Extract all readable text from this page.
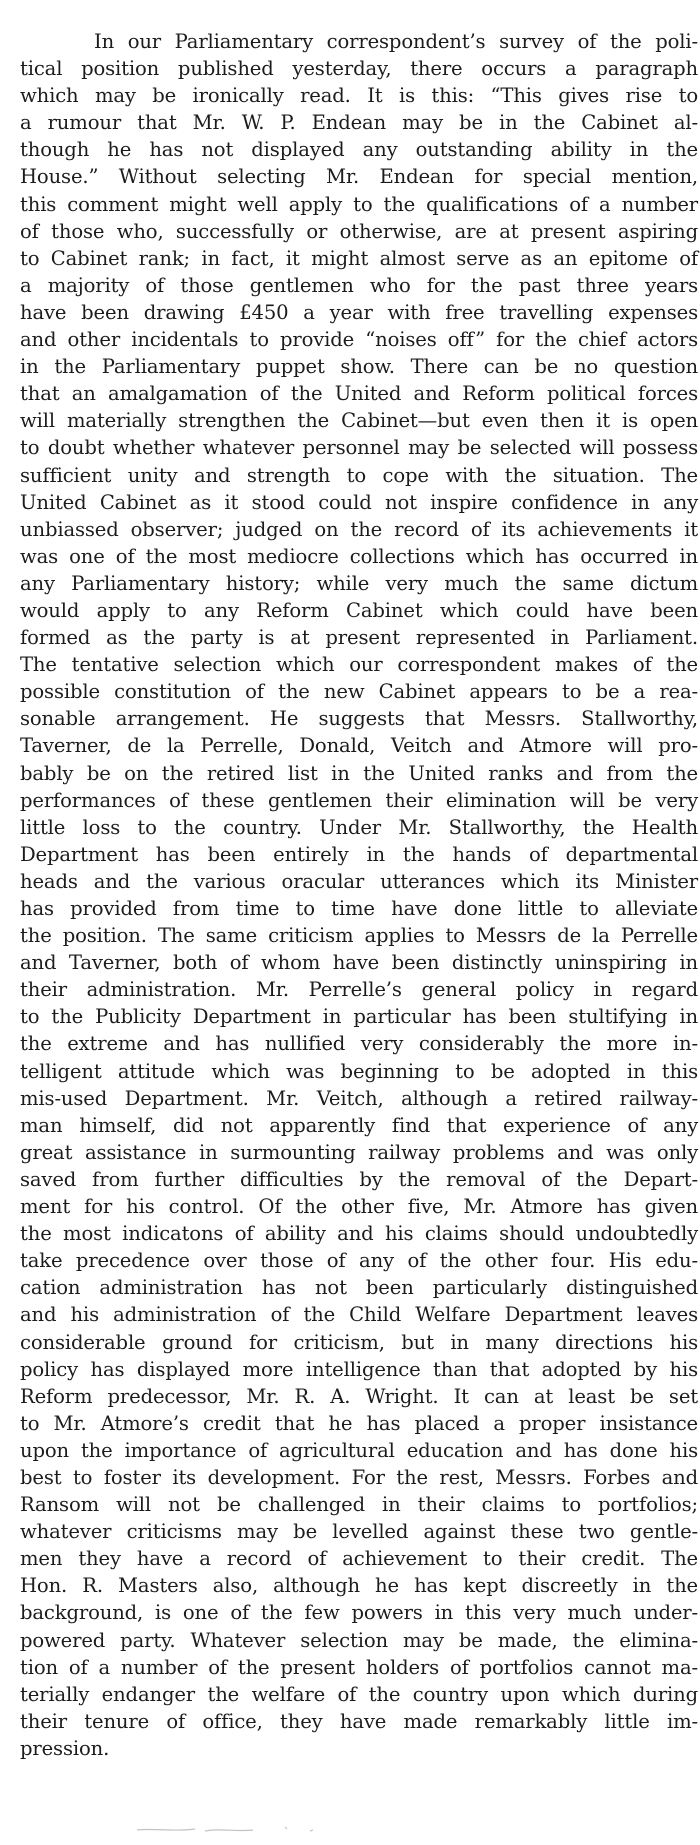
In our Parliamentary correspondent’s survey of the poli-
tical position published yesterday, there occurs a paragraph
which may be ironically read. It is this: “This gives rise to
a rumour that Mr. W. P. Endean may be in the Cabinet al-
though he has not displayed any outstanding ability in the
House.” Without selecting Mr. Endean for special mention,
this comment might well apply to the qualifications of a number
of those who, successfully or otherwise, are at present aspiring
to Cabinet rank; in fact, it might almost serve as an epitome of
a majority of those gentlemen who for the past three years
have been drawing £450 a year with free travelling expenses
and other incidentals to provide “noises off” for the chief actors
in the Parliamentary puppet show. There can be no question
that an amalgamation of the United and Reform political forces
will materially strengthen the Cabinet—but even then it is open
to doubt whether whatever personnel may be selected will possess
sufficient unity and strength to cope with the situation. The
United Cabinet as it stood could not inspire confidence in any
unbiassed observer; judged on the record of its achievements it
was one of the most mediocre collections which has occurred in
any Parliamentary history; while very much the same dictum
would apply to any Reform Cabinet which could have been
formed as the party is at present represented in Parliament.
The tentative selection which our correspondent makes of the
possible constitution of the new Cabinet appears to be a rea-
sonable arrangement. He suggests that Messrs. Stallworthy,
Taverner, de la Perrelle, Donald, Veitch and Atmore will pro-
bably be on the retired list in the United ranks and from the
performances of these gentlemen their elimination will be very
little loss to the country. Under Mr. Stallworthy, the Health
Department has been entirely in the hands of departmental
heads and the various oracular utterances which its Minister
has provided from time to time have done little to alleviate
the position. The same criticism applies to Messrs de la Perrelle
and Taverner, both of whom have been distinctly uninspiring in
their administration. Mr. Perrelle’s general policy in regard
to the Publicity Department in particular has been stultifying in
the extreme and has nullified very considerably the more in-
telligent attitude which was beginning to be adopted in this
mis-used Department. Mr. Veitch, although a retired railway-
man himself, did not apparently find that experience of any
great assistance in surmounting railway problems and was only
saved from further difficulties by the removal of the Depart-
ment for his control. Of the other five, Mr. Atmore has given
the most indicatons of ability and his claims should undoubtedly
take precedence over those of any of the other four. His edu-
cation administration has not been particularly distinguished
and his administration of the Child Welfare Department leaves
considerable ground for criticism, but in many directions his
policy has displayed more intelligence than that adopted by his
Reform predecessor, Mr. R. A. Wright. It can at least be set
to Mr. Atmore’s credit that he has placed a proper insistance
upon the importance of agricultural education and has done his
best to foster its development. For the rest, Messrs. Forbes and
Ransom will not be challenged in their claims to portfolios;
whatever criticisms may be levelled against these two gentle-
men they have a record of achievement to their credit. The
Hon. R. Masters also, although he has kept discreetly in the
background, is one of the few powers in this very much under-
powered party. Whatever selection may be made, the elimina-
tion of a number of the present holders of portfolios cannot ma-
terially endanger the welfare of the country upon which during
their tenure of office, they have made remarkably little im-
pression.
